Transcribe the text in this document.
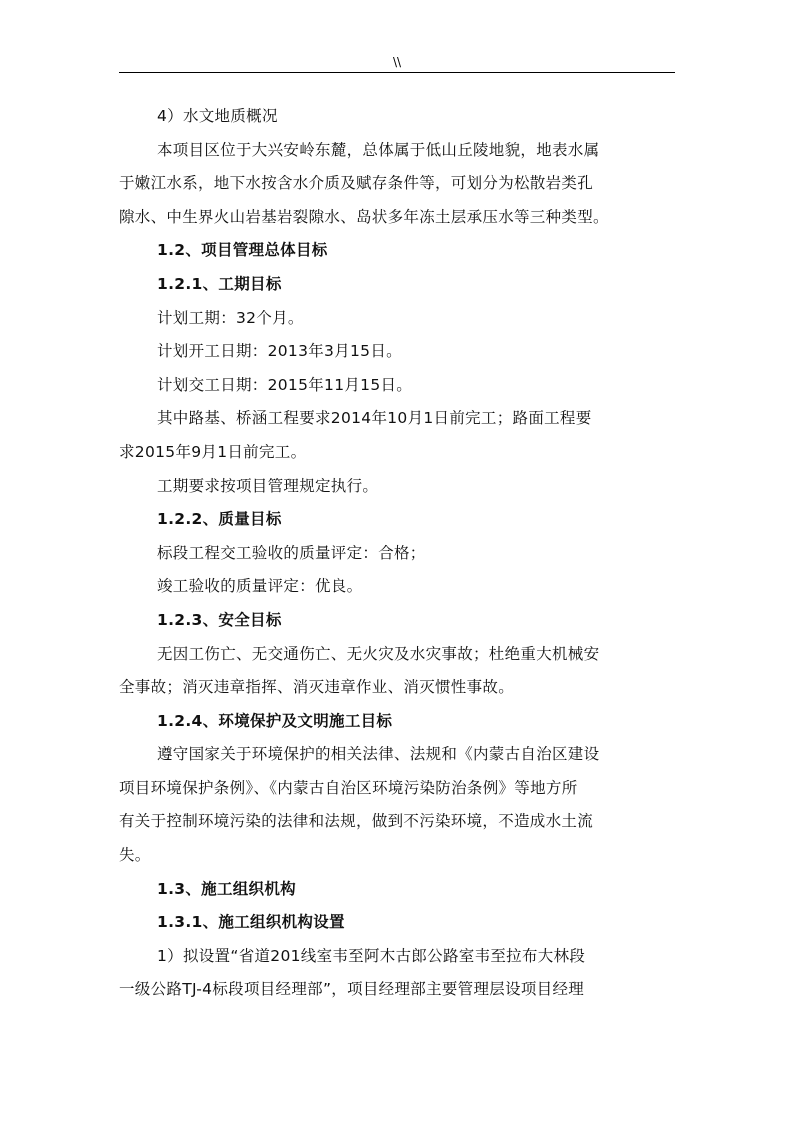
\\
4）水文地质概况
本项目区位于大兴安岭东麓，总体属于低山丘陵地貌，地表水属
于嫩江水系，地下水按含水介质及赋存条件等，可划分为松散岩类孔
隙水、中生界火山岩基岩裂隙水、岛状多年冻土层承压水等三种类型。
1.2、项目管理总体目标
1.2.1、工期目标
计划工期：32个月。
计划开工日期：2013年3月15日。
计划交工日期：2015年11月15日。
其中路基、桥涵工程要求2014年10月1日前完工；路面工程要
求2015年9月1日前完工。
工期要求按项目管理规定执行。
1.2.2、质量目标
标段工程交工验收的质量评定：合格；
竣工验收的质量评定：优良。
1.2.3、安全目标
无因工伤亡、无交通伤亡、无火灾及水灾事故；杜绝重大机械安
全事故；消灭违章指挥、消灭违章作业、消灭惯性事故。
1.2.4、环境保护及文明施工目标
遵守国家关于环境保护的相关法律、法规和《内蒙古自治区建设
项目环境保护条例》、《内蒙古自治区环境污染防治条例》等地方所
有关于控制环境污染的法律和法规，做到不污染环境，不造成水土流
失。
1.3、施工组织机构
1.3.1、施工组织机构设置
1）拟设置“省道201线室韦至阿木古郎公路室韦至拉布大林段
一级公路TJ-4标段项目经理部”，项目经理部主要管理层设项目经理
